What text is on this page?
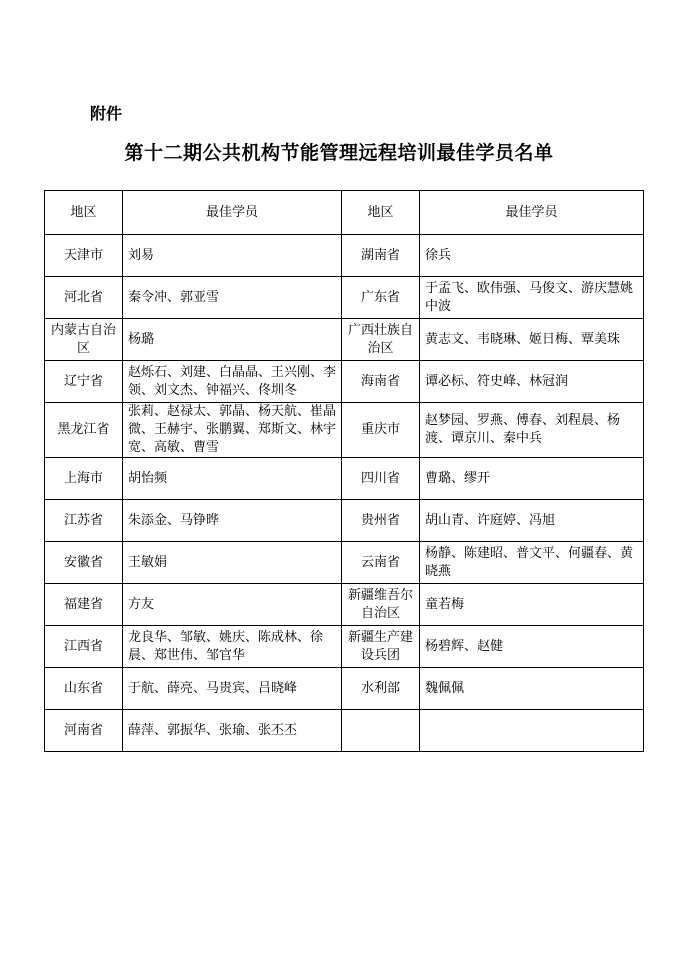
附件
第十二期公共机构节能管理远程培训最佳学员名单
地区	最佳学员	地区	最佳学员
天津市	刘易	湖南省	徐兵
河北省	秦令冲、郭亚雪	广东省	于孟飞、欧伟强、马俊文、游庆慧姚中波
内蒙古自治区	杨璐	广西壮族自治区	黄志文、韦晓琳、姬日梅、覃美珠
辽宁省	赵烁石、刘建、白晶晶、王兴刚、李领、刘文杰、钟福兴、佟圳冬	海南省	谭必标、符史峰、林冠润
黑龙江省	张莉、赵禄太、郭晶、杨天航、崔晶微、王赫宇、张鹏翼、郑斯文、林宇宽、高敏、曹雪	重庆市	赵梦园、罗燕、傅春、刘程晨、杨渡、谭京川、秦中兵
上海市	胡怡频	四川省	曹璐、缪开
江苏省	朱添金、马铮晔	贵州省	胡山青、许庭婷、冯旭
安徽省	王敏娟	云南省	杨静、陈建昭、普文平、何疆春、黄晓燕
福建省	方友	新疆维吾尔自治区	童若梅
江西省	龙良华、邹敏、姚庆、陈成林、徐晨、郑世伟、邹官华	新疆生产建设兵团	杨碧辉、赵健
山东省	于航、薛亮、马贵宾、吕晓峰	水利部	魏佩佩
河南省	薛萍、郭振华、张瑜、张丕丕		
